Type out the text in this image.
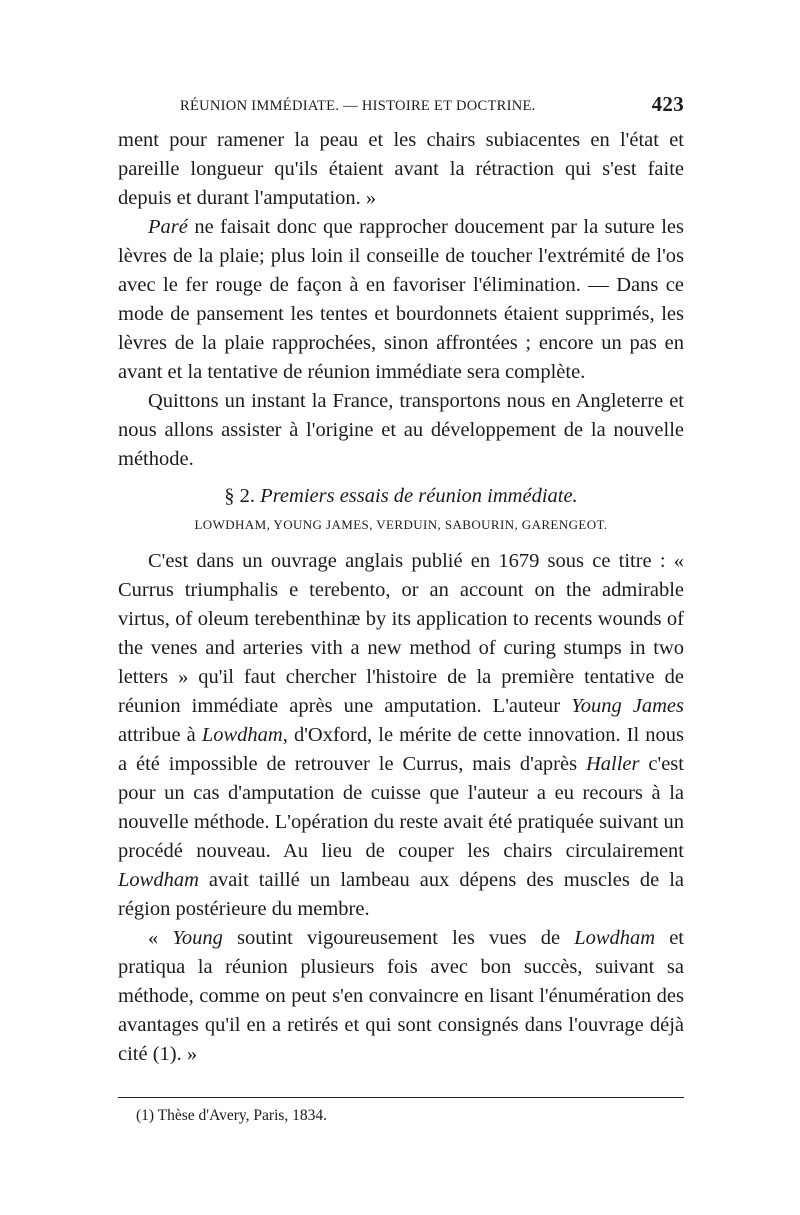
RÉUNION IMMÉDIATE. — HISTOIRE ET DOCTRINE.	423

ment pour ramener la peau et les chairs subiacentes en l'état et pareille longueur qu'ils étaient avant la rétraction qui s'est faite depuis et durant l'amputation. »

Paré ne faisait donc que rapprocher doucement par la suture les lèvres de la plaie; plus loin il conseille de toucher l'extrémité de l'os avec le fer rouge de façon à en favoriser l'élimination. — Dans ce mode de pansement les tentes et bourdonnets étaient supprimés, les lèvres de la plaie rapprochées, sinon affrontées ; encore un pas en avant et la tentative de réunion immédiate sera complète.

Quittons un instant la France, transportons nous en Angleterre et nous allons assister à l'origine et au développement de la nouvelle méthode.

§ 2. Premiers essais de réunion immédiate.
LOWDHAM, YOUNG JAMES, VERDUIN, SABOURIN, GARENGEOT.

C'est dans un ouvrage anglais publié en 1679 sous ce titre : « Currus triumphalis e terebento, or an account on the admirable virtus, of oleum terebenthinæ by its application to recents wounds of the venes and arteries vith a new method of curing stumps in two letters » qu'il faut chercher l'histoire de la première tentative de réunion immédiate après une amputation. L'auteur Young James attribue à Lowdham, d'Oxford, le mérite de cette innovation. Il nous a été impossible de retrouver le Currus, mais d'après Haller c'est pour un cas d'amputation de cuisse que l'auteur a eu recours à la nouvelle méthode. L'opération du reste avait été pratiquée suivant un procédé nouveau. Au lieu de couper les chairs circulairement Lowdham avait taillé un lambeau aux dépens des muscles de la région postérieure du membre.

« Young soutint vigoureusement les vues de Lowdham et pratiqua la réunion plusieurs fois avec bon succès, suivant sa méthode, comme on peut s'en convaincre en lisant l'énumération des avantages qu'il en a retirés et qui sont consignés dans l'ouvrage déjà cité (1). »

(1) Thèse d'Avery, Paris, 1834.
